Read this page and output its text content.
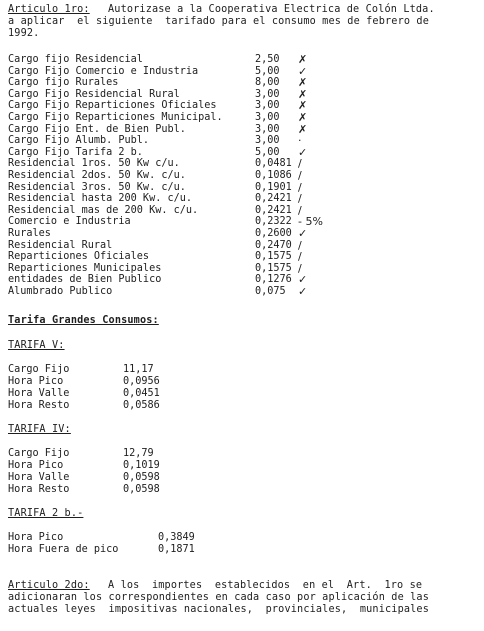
Articulo 1ro: Autorizase a la Cooperativa Electrica de Colón Ltda.
a aplicar  el siguiente  tarifado para el consumo mes de febrero de
1992.
Cargo fijo Residencial	2,50 ✗
Cargo Fijo Comercio e Industria	5,00 ✓
Cargo fijo Rurales	8,00 ✗
Cargo Fijo Residencial Rural	3,00 ✗
Cargo Fijo Reparticiones Oficiales	3,00 ✗
Cargo Fijo Reparticiones Municipal.	3,00 ✗
Cargo Fijo Ent. de Bien Publ.	3,00 ✗
Cargo Fijo Alumb. Publ.	3,00 ·
Cargo Fijo Tarifa 2 b.	5,00 ✓
Residencial 1ros. 50 Kw c/u.	0,0481 /
Residencial 2dos. 50 Kw. c/u.	0,1086 /
Residencial 3ros. 50 Kw. c/u.	0,1901 /
Residencial hasta 200 Kw. c/u.	0,2421 /
Residencial mas de 200 Kw. c/u.	0,2421 /
Comercio e Industria	0,2322 - 5%
Rurales	0,2600 ✓
Residencial Rural	0,2470 /
Reparticiones Oficiales	0,1575 /
Reparticiones Municipales	0,1575 /
entidades de Bien Publico	0,1276 ✓
Alumbrado Publico	0,075 ✓
Tarifa Grandes Consumos:
TARIFA V:
Cargo Fijo	11,17
Hora Pico	0,0956
Hora Valle	0,0451
Hora Resto	0,0586
TARIFA IV:
Cargo Fijo	12,79
Hora Pico	0,1019
Hora Valle	0,0598
Hora Resto	0,0598
TARIFA 2 b.-
Hora Pico	0,3849
Hora Fuera de pico	0,1871
Articulo 2do: A los  importes  establecidos  en el  Art.  1ro se
adicionaran los correspondientes en cada caso por aplicación de las
actuales leyes  impositivas nacionales,  provinciales,  municipales
